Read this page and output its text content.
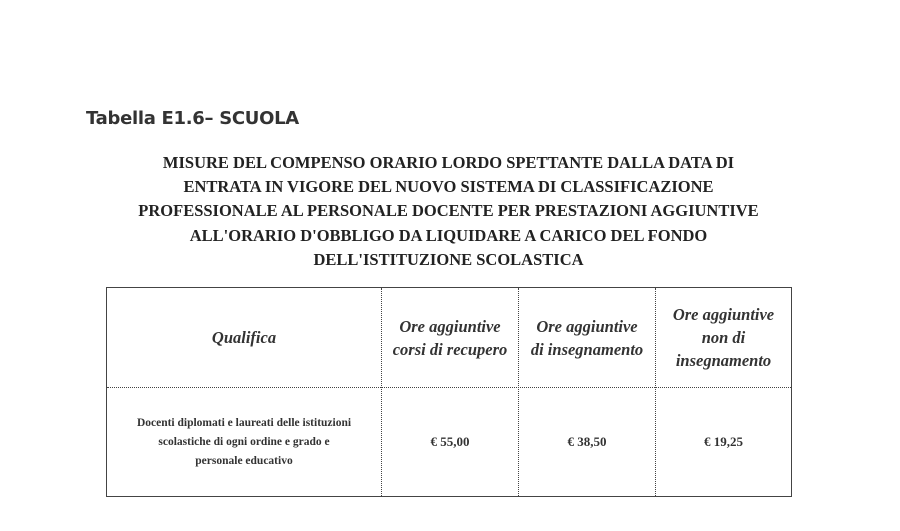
Tabella E1.6– SCUOLA
MISURE DEL COMPENSO ORARIO LORDO SPETTANTE DALLA DATA DI
ENTRATA IN VIGORE DEL NUOVO SISTEMA DI CLASSIFICAZIONE
PROFESSIONALE AL PERSONALE DOCENTE PER PRESTAZIONI AGGIUNTIVE
ALL'ORARIO D'OBBLIGO DA LIQUIDARE A CARICO DEL FONDO
DELL'ISTITUZIONE SCOLASTICA
Qualifica
Ore aggiuntive
corsi di recupero
Ore aggiuntive
di insegnamento
Ore aggiuntive
non di
insegnamento
Docenti diplomati e laureati delle istituzioni
scolastiche di ogni ordine e grado e
personale educativo
€ 55,00	€ 38,50	€ 19,25
